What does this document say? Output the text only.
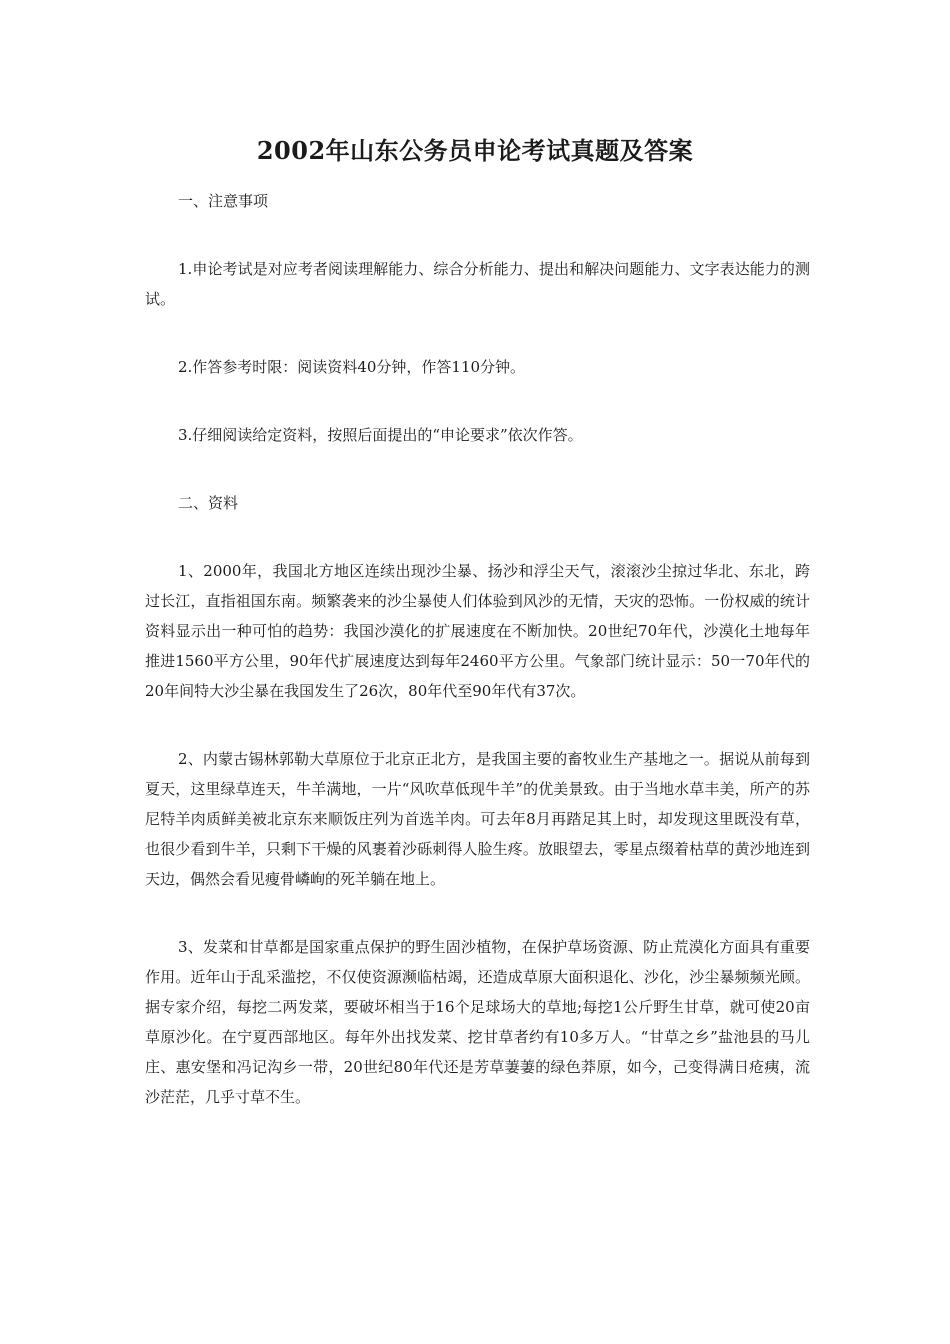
2002年山东公务员申论考试真题及答案

一、注意事项

1.申论考试是对应考者阅读理解能力、综合分析能力、提出和解决问题能力、文字表达能力的测试。

2.作答参考时限：阅读资料40分钟，作答110分钟。

3.仔细阅读给定资料，按照后面提出的“申论要求”依次作答。

二、资料

1、2000年，我国北方地区连续出现沙尘暴、扬沙和浮尘天气，滚滚沙尘掠过华北、东北，跨过长江，直指祖国东南。频繁袭来的沙尘暴使人们体验到风沙的无情，天灾的恐怖。一份权威的统计资料显示出一种可怕的趋势：我国沙漠化的扩展速度在不断加快。20世纪70年代，沙漠化土地每年推进1560平方公里，90年代扩展速度达到每年2460平方公里。气象部门统计显示：50一70年代的20年间特大沙尘暴在我国发生了26次，80年代至90年代有37次。

2、内蒙古锡林郭勒大草原位于北京正北方，是我国主要的畜牧业生产基地之一。据说从前每到夏天，这里绿草连天，牛羊满地，一片“风吹草低现牛羊”的优美景致。由于当地水草丰美，所产的苏尼特羊肉质鲜美被北京东来顺饭庄列为首选羊肉。可去年8月再踏足其上时，却发现这里既没有草，也很少看到牛羊，只剩下干燥的风裹着沙砾刺得人脸生疼。放眼望去，零星点缀着枯草的黄沙地连到天边，偶然会看见瘦骨嶙峋的死羊躺在地上。

3、发菜和甘草都是国家重点保护的野生固沙植物，在保护草场资源、防止荒漠化方面具有重要作用。近年山于乱采滥挖，不仅使资源濒临枯竭，还造成草原大面积退化、沙化，沙尘暴频频光顾。据专家介绍，每挖二两发菜，要破坏相当于16个足球场大的草地;每挖1公斤野生甘草，就可使20亩草原沙化。在宁夏西部地区。每年外出找发菜、挖甘草者约有10多万人。“甘草之乡”盐池县的马儿庄、惠安堡和冯记沟乡一带，20世纪80年代还是芳草萋萋的绿色莽原，如今，己变得满日疮痍，流沙茫茫，几乎寸草不生。
